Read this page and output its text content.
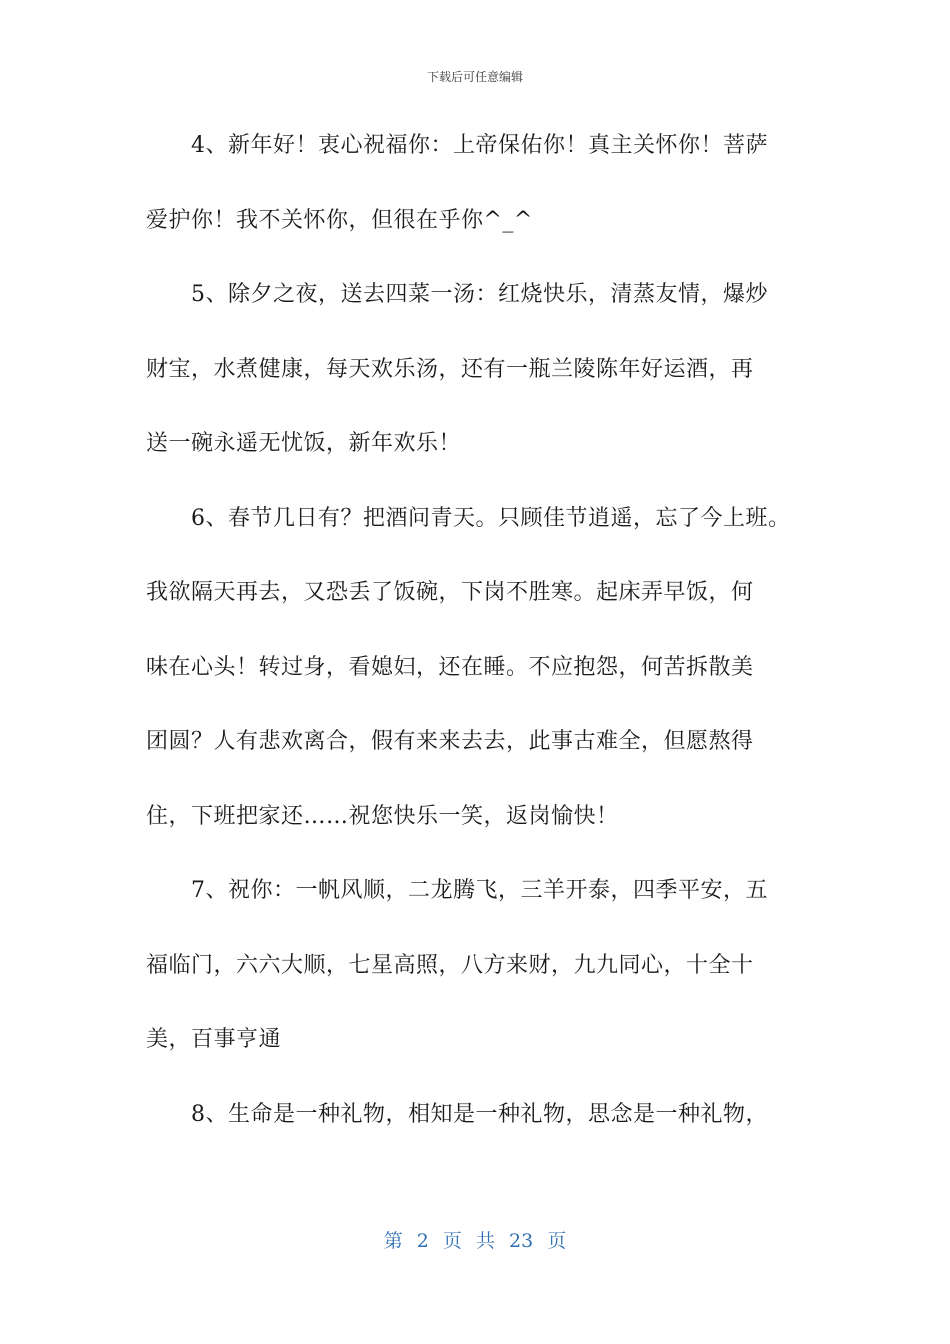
下载后可任意编辑
　　4、新年好！衷心祝福你：上帝保佑你！真主关怀你！菩萨
爱护你！我不关怀你，但很在乎你^_^
　　5、除夕之夜，送去四菜一汤：红烧快乐，清蒸友情，爆炒
财宝，水煮健康，每天欢乐汤，还有一瓶兰陵陈年好运酒，再
送一碗永遥无忧饭，新年欢乐！
　　6、春节几日有？把酒问青天。只顾佳节逍遥，忘了今上班。
我欲隔天再去，又恐丢了饭碗，下岗不胜寒。起床弄早饭，何
味在心头！转过身，看媳妇，还在睡。不应抱怨，何苦拆散美
团圆？人有悲欢离合，假有来来去去，此事古难全，但愿熬得
住，下班把家还……祝您快乐一笑，返岗愉快！
　　7、祝你：一帆风顺，二龙腾飞，三羊开泰，四季平安，五
福临门，六六大顺，七星高照，八方来财，九九同心，十全十
美，百事亨通
　　8、生命是一种礼物，相知是一种礼物，思念是一种礼物，
第 2 页 共 23 页
